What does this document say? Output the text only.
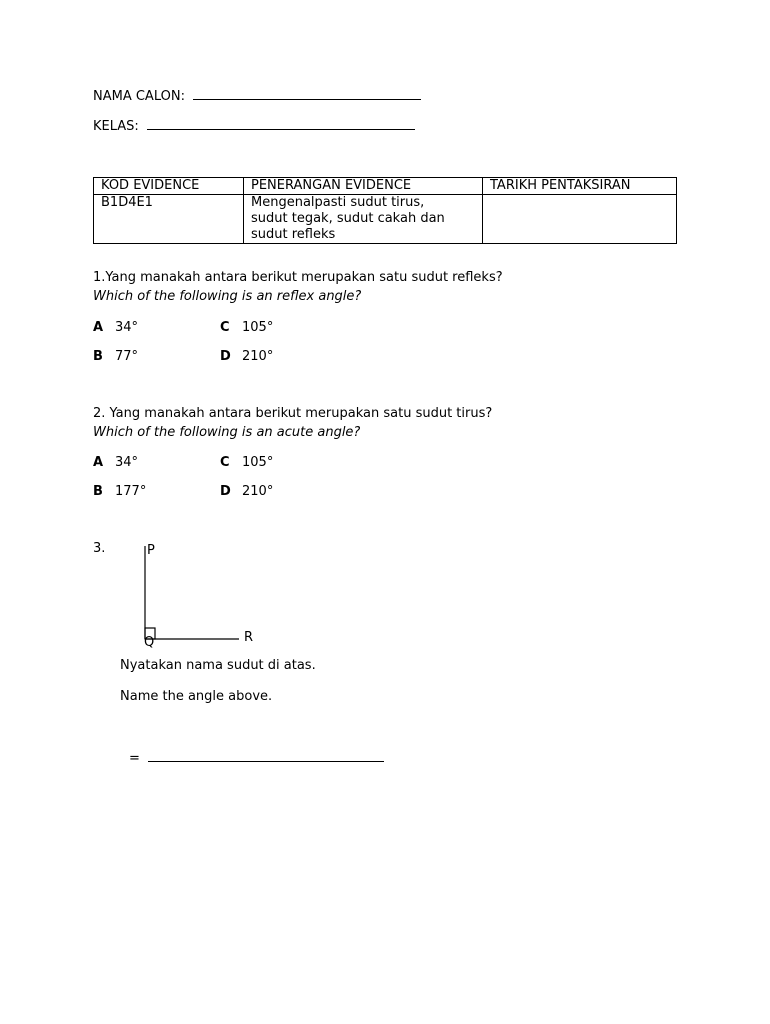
NAMA CALON:
KELAS:
KOD EVIDENCE	PENERANGAN EVIDENCE	TARIKH PENTAKSIRAN
B1D4E1	Mengenalpasti sudut tirus,
sudut tegak, sudut cakah dan
sudut refleks	

1.Yang manakah antara berikut merupakan satu sudut refleks?
Which of the following is an reflex angle?
A 34°	C 105°
B 77°	D 210°
2. Yang manakah antara berikut merupakan satu sudut tirus?
Which of the following is an acute angle?
A 34°	C 105°
B 177°	D 210°
3.	P
Q	R
Nyatakan nama sudut di atas.
Name the angle above.
=
